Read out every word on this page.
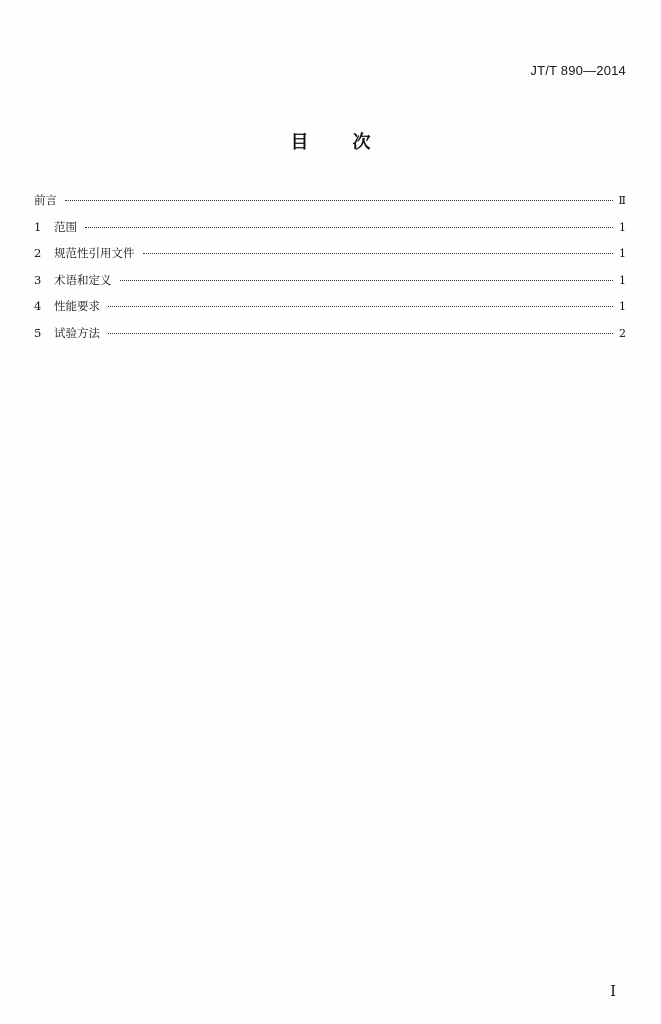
JT/T 890—2014
目次
前言	Ⅱ
1	范围	1
2	规范性引用文件	1
3	术语和定义	1
4	性能要求	1
5	试验方法	2
I
